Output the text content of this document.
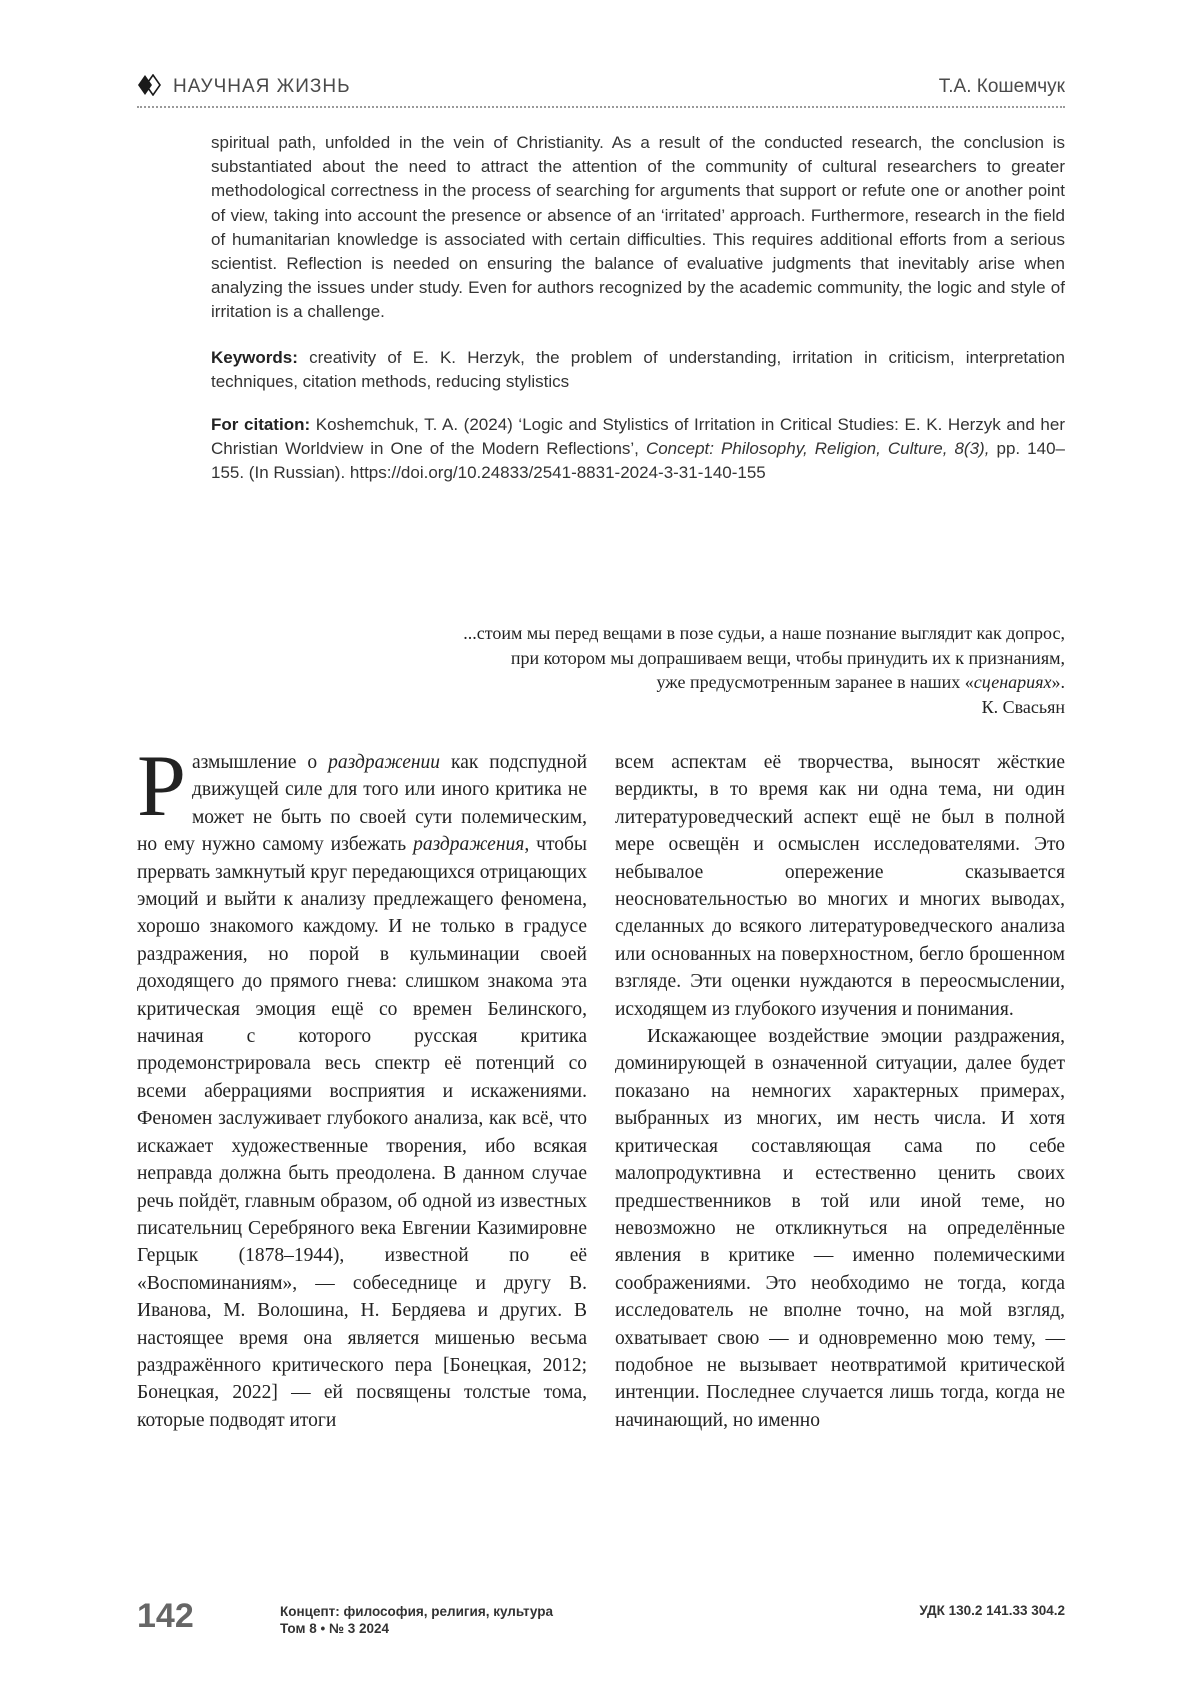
НАУЧНАЯ ЖИЗНЬ	Т.А. Кошемчук

spiritual path, unfolded in the vein of Christianity. As a result of the conducted research, the conclusion is substantiated about the need to attract the attention of the community of cultural researchers to greater methodological correctness in the process of searching for arguments that support or refute one or another point of view, taking into account the presence or absence of an ‘irritated’ approach. Furthermore, research in the field of humanitarian knowledge is associated with certain difficulties. This requires additional efforts from a serious scientist. Reflection is needed on ensuring the balance of evaluative judgments that inevitably arise when analyzing the issues under study. Even for authors recognized by the academic community, the logic and style of irritation is a challenge.

Keywords: creativity of E. K. Herzyk, the problem of understanding, irritation in criticism, interpretation techniques, citation methods, reducing stylistics

For citation: Koshemchuk, T. A. (2024) ‘Logic and Stylistics of Irritation in Critical Studies: E. K. Herzyk and her Christian Worldview in One of the Modern Reflections’, Concept: Philosophy, Religion, Culture, 8(3), pp. 140–155. (In Russian). https://doi.org/10.24833/2541-8831-2024-3-31-140-155

...стоим мы перед вещами в позе судьи, а наше познание выглядит как допрос,
при котором мы допрашиваем вещи, чтобы принудить их к признаниям,
уже предусмотренным заранее в наших «сценариях».
К. Свасьян

Размышление о раздражении как подспудной движущей силе для того или иного критика не может не быть по своей сути полемическим, но ему нужно самому избежать раздражения, чтобы прервать замкнутый круг передающихся отрицающих эмоций и выйти к анализу предлежащего феномена, хорошо знакомого каждому. И не только в градусе раздражения, но порой в кульминации своей доходящего до прямого гнева: слишком знакома эта критическая эмоция ещё со времен Белинского, начиная с которого русская критика продемонстрировала весь спектр её потенций со всеми аберрациями восприятия и искажениями. Феномен заслуживает глубокого анализа, как всё, что искажает художественные творения, ибо всякая неправда должна быть преодолена. В данном случае речь пойдёт, главным образом, об одной из известных писательниц Серебряного века Евгении Казимировне Герцык (1878–1944), известной по её «Воспоминаниям», — собеседнице и другу В. Иванова, М. Волошина, Н. Бердяева и других. В настоящее время она является мишенью весьма раздражённого критического пера [Бонецкая, 2012; Бонецкая, 2022] — ей посвящены толстые тома, которые подводят итоги

всем аспектам её творчества, выносят жёсткие вердикты, в то время как ни одна тема, ни один литературоведческий аспект ещё не был в полной мере освещён и осмыслен исследователями. Это небывалое опережение сказывается неосновательностью во многих и многих выводах, сделанных до всякого литературоведческого анализа или основанных на поверхностном, бегло брошенном взгляде. Эти оценки нуждаются в переосмыслении, исходящем из глубокого изучения и понимания.

Искажающее воздействие эмоции раздражения, доминирующей в означенной ситуации, далее будет показано на немногих характерных примерах, выбранных из многих, им несть числа. И хотя критическая составляющая сама по себе малопродуктивна и естественно ценить своих предшественников в той или иной теме, но невозможно не откликнуться на определённые явления в критике — именно полемическими соображениями. Это необходимо не тогда, когда исследователь не вполне точно, на мой взгляд, охватывает свою — и одновременно мою тему, — подобное не вызывает неотвратимой критической интенции. Последнее случается лишь тогда, когда не начинающий, но именно

142	Концепт: философия, религия, культура
Том 8 • № 3 2024
УДК 130.2 141.33 304.2
